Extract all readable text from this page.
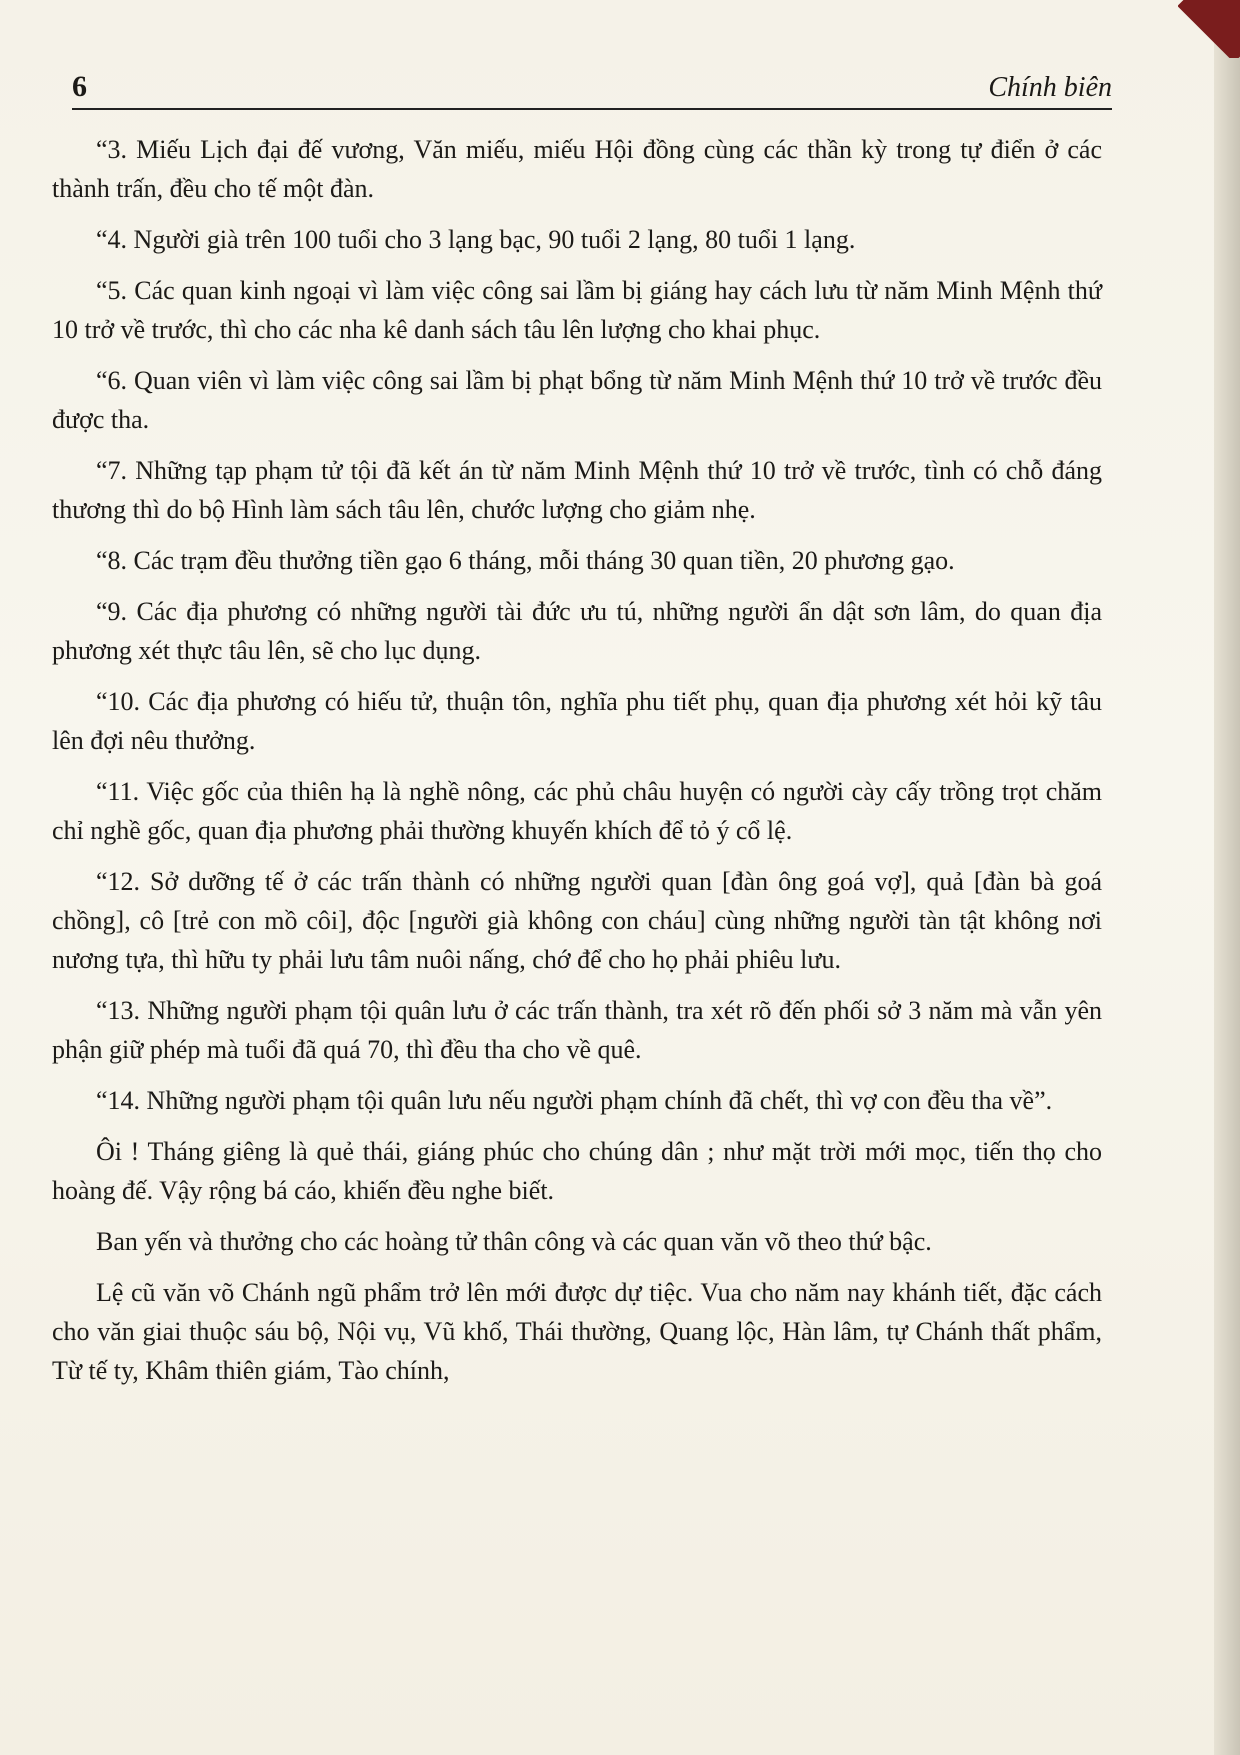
6	Chính biên

“3. Miếu Lịch đại đế vương, Văn miếu, miếu Hội đồng cùng các thần kỳ trong tự điển ở các thành trấn, đều cho tế một đàn.

“4. Người già trên 100 tuổi cho 3 lạng bạc, 90 tuổi 2 lạng, 80 tuổi 1 lạng.

“5. Các quan kinh ngoại vì làm việc công sai lầm bị giáng hay cách lưu từ năm Minh Mệnh thứ 10 trở về trước, thì cho các nha kê danh sách tâu lên lượng cho khai phục.

“6. Quan viên vì làm việc công sai lầm bị phạt bổng từ năm Minh Mệnh thứ 10 trở về trước đều được tha.

“7. Những tạp phạm tử tội đã kết án từ năm Minh Mệnh thứ 10 trở về trước, tình có chỗ đáng thương thì do bộ Hình làm sách tâu lên, chước lượng cho giảm nhẹ.

“8. Các trạm đều thưởng tiền gạo 6 tháng, mỗi tháng 30 quan tiền, 20 phương gạo.

“9. Các địa phương có những người tài đức ưu tú, những người ẩn dật sơn lâm, do quan địa phương xét thực tâu lên, sẽ cho lục dụng.

“10. Các địa phương có hiếu tử, thuận tôn, nghĩa phu tiết phụ, quan địa phương xét hỏi kỹ tâu lên đợi nêu thưởng.

“11. Việc gốc của thiên hạ là nghề nông, các phủ châu huyện có người cày cấy trồng trọt chăm chỉ nghề gốc, quan địa phương phải thường khuyến khích để tỏ ý cổ lệ.

“12. Sở dưỡng tế ở các trấn thành có những người quan [đàn ông goá vợ], quả [đàn bà goá chồng], cô [trẻ con mồ côi], độc [người già không con cháu] cùng những người tàn tật không nơi nương tựa, thì hữu ty phải lưu tâm nuôi nấng, chớ để cho họ phải phiêu lưu.

“13. Những người phạm tội quân lưu ở các trấn thành, tra xét rõ đến phối sở 3 năm mà vẫn yên phận giữ phép mà tuổi đã quá 70, thì đều tha cho về quê.

“14. Những người phạm tội quân lưu nếu người phạm chính đã chết, thì vợ con đều tha về”.

Ôi ! Tháng giêng là quẻ thái, giáng phúc cho chúng dân ; như mặt trời mới mọc, tiến thọ cho hoàng đế. Vậy rộng bá cáo, khiến đều nghe biết.

Ban yến và thưởng cho các hoàng tử thân công và các quan văn võ theo thứ bậc.

Lệ cũ văn võ Chánh ngũ phẩm trở lên mới được dự tiệc. Vua cho năm nay khánh tiết, đặc cách cho văn giai thuộc sáu bộ, Nội vụ, Vũ khố, Thái thường, Quang lộc, Hàn lâm, tự Chánh thất phẩm, Từ tế ty, Khâm thiên giám, Tào chính,
